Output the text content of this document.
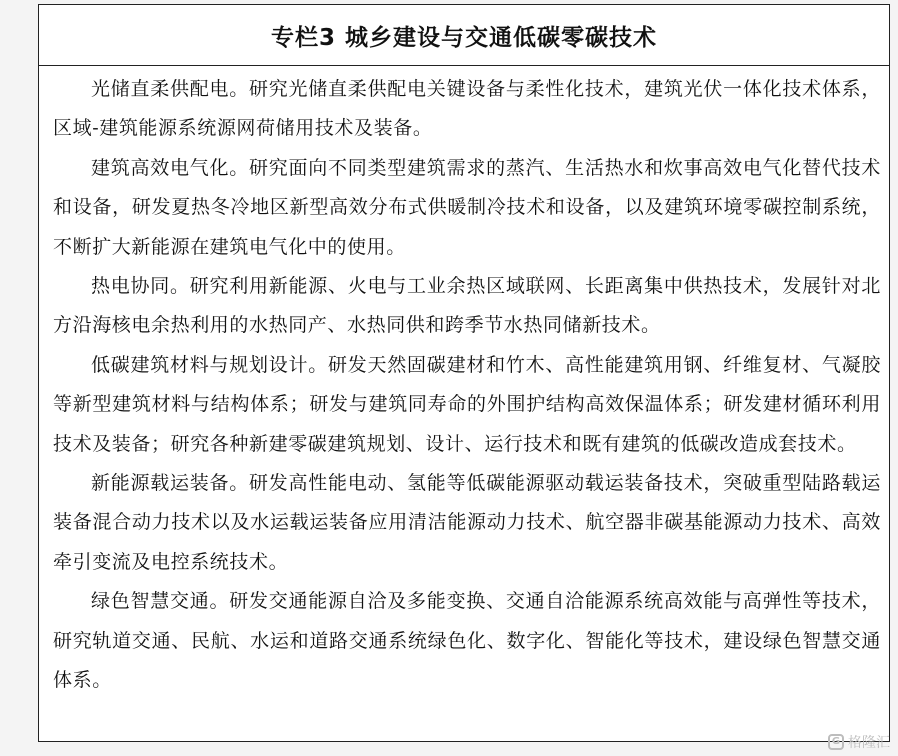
专栏3 城乡建设与交通低碳零碳技术

光储直柔供配电。研究光储直柔供配电关键设备与柔性化技术，建筑光伏一体化技术体系，区域-建筑能源系统源网荷储用技术及装备。

建筑高效电气化。研究面向不同类型建筑需求的蒸汽、生活热水和炊事高效电气化替代技术和设备，研发夏热冬冷地区新型高效分布式供暖制冷技术和设备，以及建筑环境零碳控制系统，不断扩大新能源在建筑电气化中的使用。

热电协同。研究利用新能源、火电与工业余热区域联网、长距离集中供热技术，发展针对北方沿海核电余热利用的水热同产、水热同供和跨季节水热同储新技术。

低碳建筑材料与规划设计。研发天然固碳建材和竹木、高性能建筑用钢、纤维复材、气凝胶等新型建筑材料与结构体系；研发与建筑同寿命的外围护结构高效保温体系；研发建材循环利用技术及装备；研究各种新建零碳建筑规划、设计、运行技术和既有建筑的低碳改造成套技术。

新能源载运装备。研发高性能电动、氢能等低碳能源驱动载运装备技术，突破重型陆路载运装备混合动力技术以及水运载运装备应用清洁能源动力技术、航空器非碳基能源动力技术、高效牵引变流及电控系统技术。

绿色智慧交通。研发交通能源自洽及多能变换、交通自洽能源系统高效能与高弹性等技术，研究轨道交通、民航、水运和道路交通系统绿色化、数字化、智能化等技术，建设绿色智慧交通体系。

G 格隆汇
